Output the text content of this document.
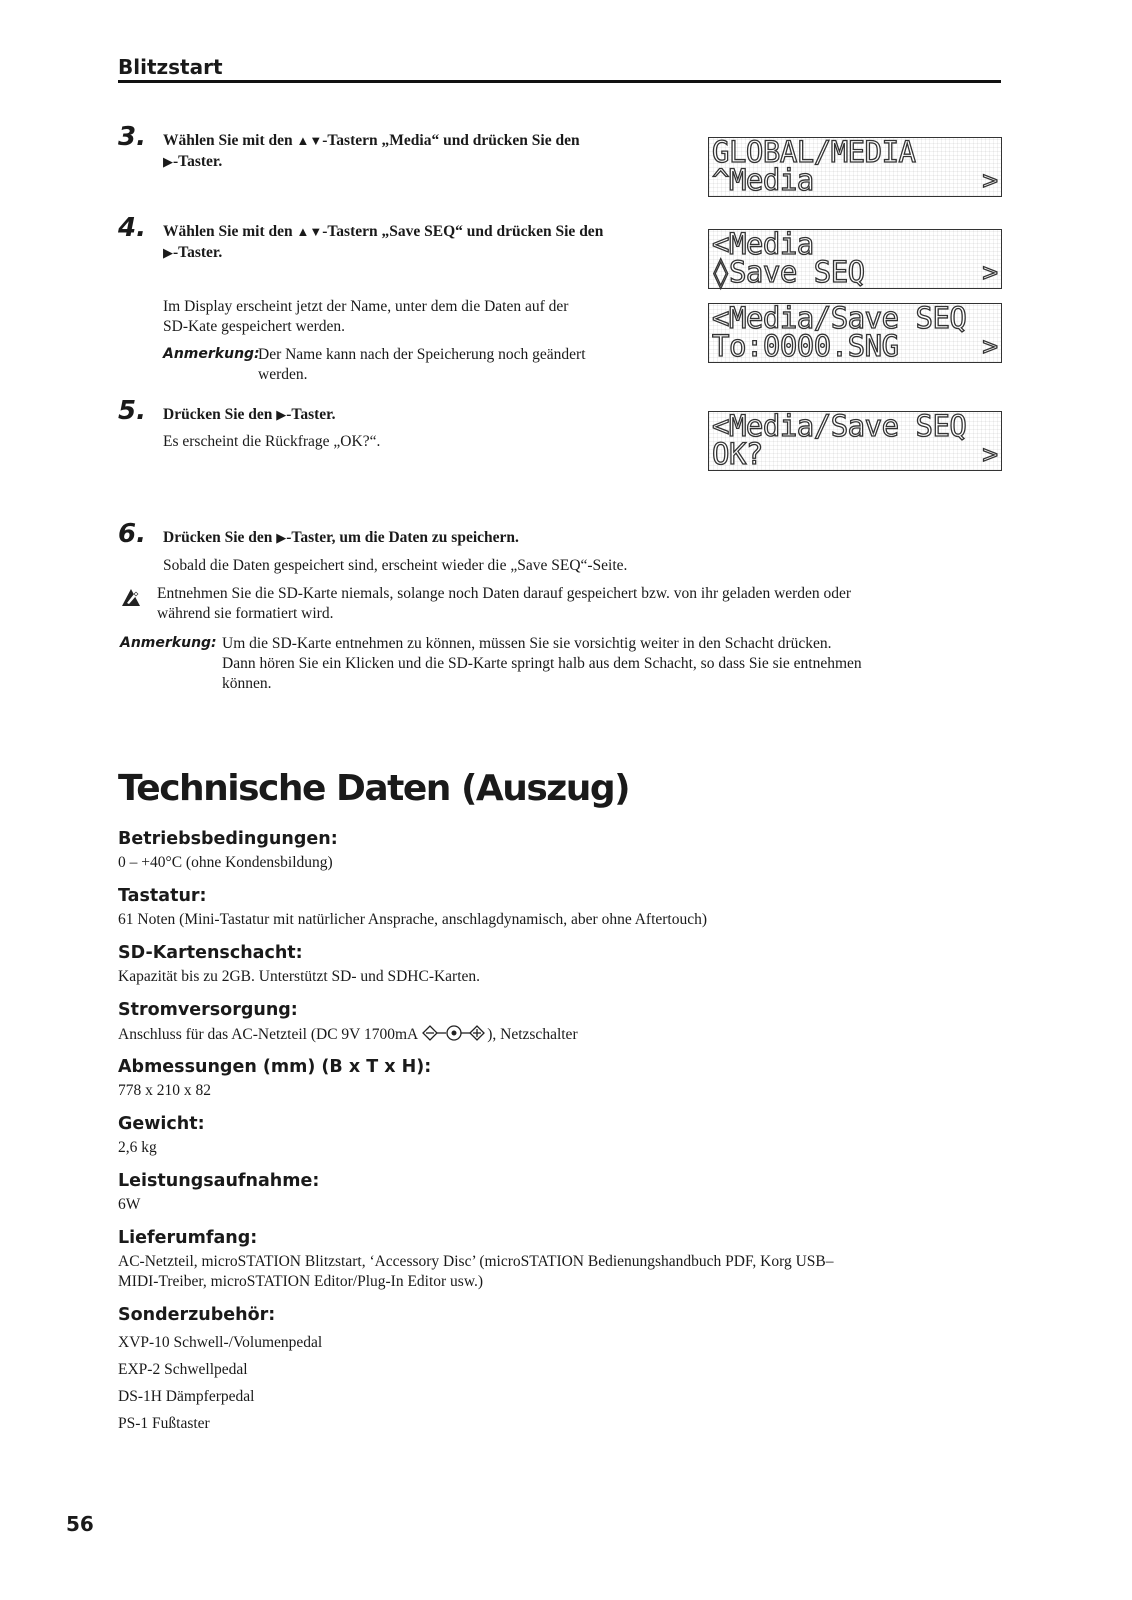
Blitzstart
3. Wählen Sie mit den ▲▼-Tastern „Media“ und drücken Sie den
▶-Taster.
4. Wählen Sie mit den ▲▼-Tastern „Save SEQ“ und drücken Sie den
▶-Taster.
Im Display erscheint jetzt der Name, unter dem die Daten auf der
SD-Kate gespeichert werden.
Anmerkung:
Der Name kann nach der Speicherung noch geändert
werden.
5. Drücken Sie den ▶-Taster.
Es erscheint die Rückfrage „OK?“.
GLOBAL/MEDIA
^Media	>
<Media
◊Save SEQ	>
<Media/Save SEQ
To:0000.SNG	>
<Media/Save SEQ
OK?	>
6. Drücken Sie den ▶-Taster, um die Daten zu speichern.
Sobald die Daten gespeichert sind, erscheint wieder die „Save SEQ“-Seite.
Entnehmen Sie die SD-Karte niemals, solange noch Daten darauf gespeichert bzw. von ihr geladen werden oder
während sie formatiert wird.
Anmerkung: Um die SD-Karte entnehmen zu können, müssen Sie sie vorsichtig weiter in den Schacht drücken.
Dann hören Sie ein Klicken und die SD-Karte springt halb aus dem Schacht, so dass Sie sie entnehmen
können.
Technische Daten (Auszug)
Betriebsbedingungen:
0 – +40°C (ohne Kondensbildung)
Tastatur:
61 Noten (Mini-Tastatur mit natürlicher Ansprache, anschlagdynamisch, aber ohne Aftertouch)
SD-Kartenschacht:
Kapazität bis zu 2GB. Unterstützt SD- und SDHC-Karten.
Stromversorgung:
Anschluss für das AC-Netzteil (DC 9V 1700mA	), Netzschalter
Abmessungen (mm) (B x T x H):
778 x 210 x 82
Gewicht:
2,6 kg
Leistungsaufnahme:
6W
Lieferumfang:
AC-Netzteil, microSTATION Blitzstart, ‘Accessory Disc’ (microSTATION Bedienungshandbuch PDF, Korg USB–
MIDI-Treiber, microSTATION Editor/Plug-In Editor usw.)
Sonderzubehör:
XVP-10 Schwell-/Volumenpedal
EXP-2 Schwellpedal
DS-1H Dämpferpedal
PS-1 Fußtaster
56
